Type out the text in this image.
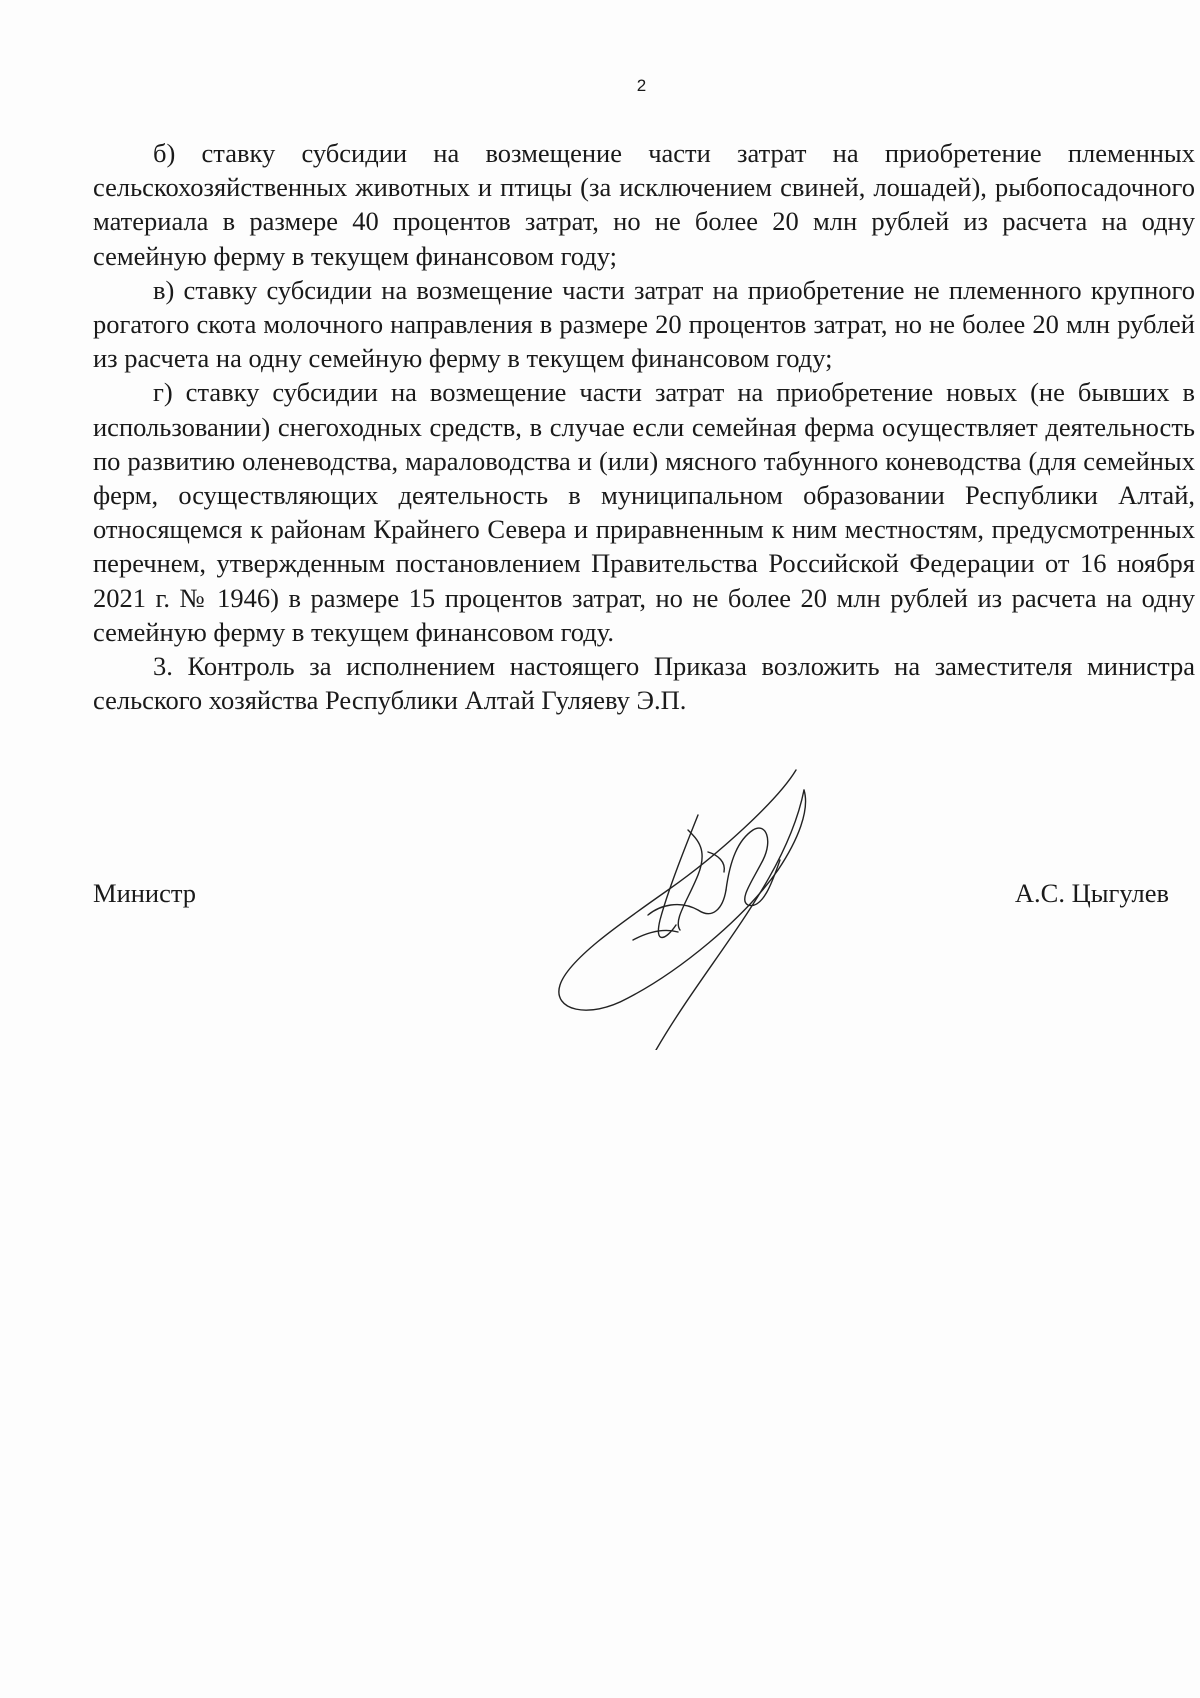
2

б) ставку субсидии на возмещение части затрат на приобретение племенных сельскохозяйственных животных и птицы (за исключением свиней, лошадей), рыбопосадочного материала в размере 40 процентов затрат, но не более 20 млн рублей из расчета на одну семейную ферму в текущем финансовом году;

в) ставку субсидии на возмещение части затрат на приобретение не племенного крупного рогатого скота молочного направления в размере 20 процентов затрат, но не более 20 млн рублей из расчета на одну семейную ферму в текущем финансовом году;

г) ставку субсидии на возмещение части затрат на приобретение новых (не бывших в использовании) снегоходных средств, в случае если семейная ферма осуществляет деятельность по развитию оленеводства, мараловодства и (или) мясного табунного коневодства (для семейных ферм, осуществляющих деятельность в муниципальном образовании Республики Алтай, относящемся к районам Крайнего Севера и приравненным к ним местностям, предусмотренных перечнем, утвержденным постановлением Правительства Российской Федерации от 16 ноября 2021 г. № 1946) в размере 15 процентов затрат, но не более 20 млн рублей из расчета на одну семейную ферму в текущем финансовом году.

3. Контроль за исполнением настоящего Приказа возложить на заместителя министра сельского хозяйства Республики Алтай Гуляеву Э.П.

Министр	А.С. Цыгулев
